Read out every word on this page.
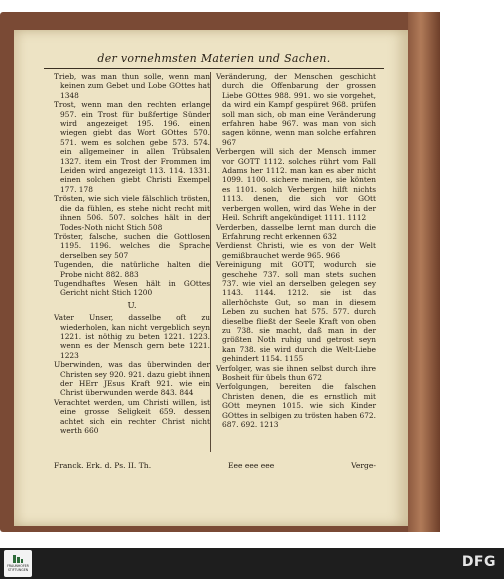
der vornehmsten Materien und Sachen.

Trieb, was man thun solle, wenn man keinen zum Gebet und Lobe GOttes hat 1348

Trost, wenn man den rechten erlange 957. ein Trost für bußfertige Sünder wird angezeiget 195. 196. einen wiegen giebt das Wort GOttes 570. 571. wem es solchen gebe 573. 574. ein allgemeiner in allen Trübsalen 1327. item ein Trost der Frommen im Leiden wird angezeigt 113. 114. 1331. einen solchen giebt Christi Exempel 177. 178

Trösten, wie sich viele fälschlich trösten, die da fühlen, es stehe nicht recht mit ihnen 506. 507. solches hält in der Todes-Noth nicht Stich 508

Tröster, falsche, suchen die Gottlosen 1195. 1196. welches die Sprache derselben sey 507

Tugenden, die natürliche halten die Probe nicht 882. 883

Tugendhaftes Wesen hält in GOttes Gericht nicht Stich 1200

U.

Vater Unser, dasselbe oft zu wiederholen, kan nicht vergeblich seyn 1221. ist nöthig zu beten 1221. 1223. wenn es der Mensch gern bete 1221. 1223

Uberwinden, was das überwinden der Christen sey 920. 921. dazu giebt ihnen der HErr JEsus Kraft 921. wie ein Christ überwunden werde 843. 844

Verachtet werden, um Christi willen, ist eine grosse Seligkeit 659. dessen achtet sich ein rechter Christ nicht werth 660

Veränderung, der Menschen geschicht durch die Offenbarung der grossen Liebe GOttes 988. 991. wo sie vorgehet, da wird ein Kampf gespüret 968. prüfen soll man sich, ob man eine Veränderung erfahren habe 967. was man von sich sagen könne, wenn man solche erfahren 967

Verbergen will sich der Mensch immer vor GOTT 1112. solches rührt vom Fall Adams her 1112. man kan es aber nicht 1099. 1100. sichere meinen, sie könten es 1101. solch Verbergen hilft nichts 1113. denen, die sich vor GOtt verbergen wollen, wird das Wehe in der Heil. Schrift angekündiget 1111. 1112

Verderben, dasselbe lernt man durch die Erfahrung recht erkennen 632

Verdienst Christi, wie es von der Welt gemißbrauchet werde 965. 966

Vereinigung mit GOTT, wodurch sie geschehe 737. soll man stets suchen 737. wie viel an derselben gelegen sey 1143. 1144. 1212. sie ist das allerhöchste Gut, so man in diesem Leben zu suchen hat 575. 577. durch dieselbe fließt der Seele Kraft von oben zu 738. sie macht, daß man in der größten Noth ruhig und getrost seyn kan 738. sie wird durch die Welt-Liebe gehindert 1154. 1155

Verfolger, was sie ihnen selbst durch ihre Bosheit für übels thun 672

Verfolgungen, bereiten die falschen Christen denen, die es ernstlich mit GOtt meynen 1015. wie sich Kinder GOttes in selbigen zu trösten haben 672. 687. 692. 1213

Franck. Erk. d. Ps. II. Th.	Eee eee eee	Verge-
FRAUNHOFER STIFTUNGEN	DFG
